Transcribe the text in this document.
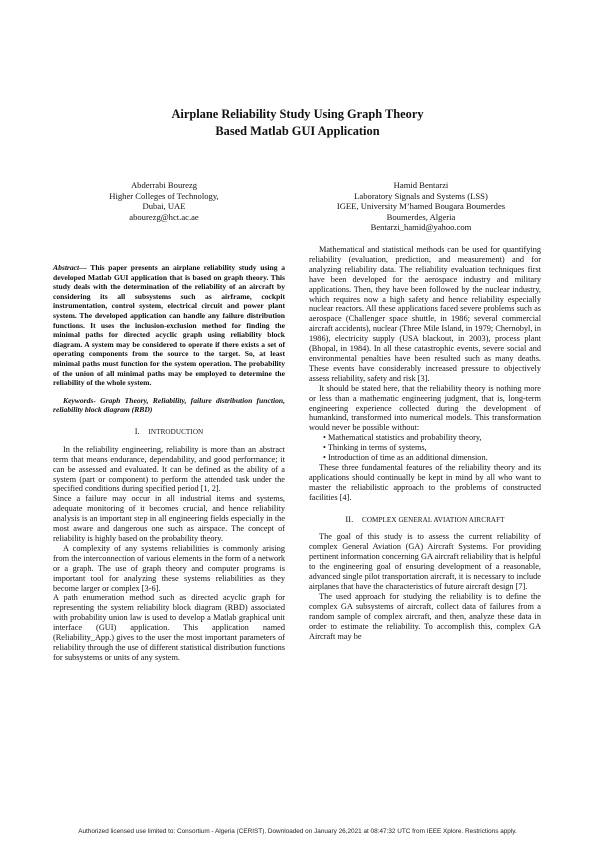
Airplane Reliability Study Using Graph Theory
Based Matlab GUI Application
Abderrabi Bourezg
Higher Colleges of Technology,
Dubai, UAE
abourezg@hct.ac.ae
Hamid Bentarzi
Laboratory Signals and Systems (LSS)
IGEE, University M’hamed Bougara Boumerdes
Boumerdes, Algeria
Bentarzi_hamid@yahoo.com

Abstract— This paper presents an airplane reliability study using a developed Matlab GUI application that is based on graph theory. This study deals with the determination of the reliability of an aircraft by considering its all subsystems such as airframe, cockpit instrumentation, control system, electrical circuit and power plant system. The developed application can handle any failure distribution functions. It uses the inclusion-exclusion method for finding the minimal paths for directed acyclic graph using reliability block diagram. A system may be considered to operate if there exists a set of operating components from the source to the target. So, at least minimal paths must function for the system operation. The probability of the union of all minimal paths may be employed to determine the reliability of the whole system.

Keywords- Graph Theory, Reliability, failure distribution function, reliability block diagram (RBD)

I. INTRODUCTION

In the reliability engineering, reliability is more than an abstract term that means endurance, dependability, and good performance; it can be assessed and evaluated. It can be defined as the ability of a system (part or component) to perform the attended task under the specified conditions during specified period [1, 2].

Since a failure may occur in all industrial items and systems, adequate monitoring of it becomes crucial, and hence reliability analysis is an important step in all engineering fields especially in the most aware and dangerous one such as airspace. The concept of reliability is highly based on the probability theory.

A complexity of any systems reliabilities is commonly arising from the interconnection of various elements in the form of a network or a graph. The use of graph theory and computer programs is important tool for analyzing these systems reliabilities as they become larger or complex [3-6].

A path enumeration method such as directed acyclic graph for representing the system reliability block diagram (RBD) associated with probability union law is used to develop a Matlab graphical unit interface (GUI) application. This application named (Reliability_App.) gives to the user the most important parameters of reliability through the use of different statistical distribution functions for subsystems or units of any system.

Mathematical and statistical methods can be used for quantifying reliability (evaluation, prediction, and measurement) and for analyzing reliability data. The reliability evaluation techniques first have been developed for the aerospace industry and military applications. Then, they have been followed by the nuclear industry, which requires now a high safety and hence reliability especially nuclear reactors. All these applications faced severe problems such as aerospace (Challenger space shuttle, in 1986; several commercial aircraft accidents), nuclear (Three Mile Island, in 1979; Chernobyl, in 1986), electricity supply (USA blackout, in 2003), process plant (Bhopal, in 1984). In all these catastrophic events, severe social and environmental penalties have been resulted such as many deaths. These events have considerably increased pressure to objectively assess reliability, safety and risk [3].

It should be stated here, that the reliability theory is nothing more or less than a mathematic engineering judgment, that is, long-term engineering experience collected during the development of humankind, transformed into numerical models. This transformation would never be possible without:

• Mathematical statistics and probability theory,
• Thinking in terms of systems,
• Introduction of time as an additional dimension.

These three fundamental features of the reliability theory and its applications should continually be kept in mind by all who want to master the reliabilistic approach to the problems of constructed facilities [4].

II. COMPLEX GENERAL AVIATION AIRCRAFT

The goal of this study is to assess the current reliability of complex General Aviation (GA) Aircraft Systems. For providing pertinent information concerning GA aircraft reliability that is helpful to the engineering goal of ensuring development of a reasonable, advanced single pilot transportation aircraft, it is necessary to include airplanes that have the characteristics of future aircraft design [7].

The used approach for studying the reliability is to define the complex GA subsystems of aircraft, collect data of failures from a random sample of complex aircraft, and then, analyze these data in order to estimate the reliability. To accomplish this, complex GA Aircraft may be

Authorized licensed use limited to: Consortium - Algeria (CERIST). Downloaded on January 26,2021 at 08:47:32 UTC from IEEE Xplore. Restrictions apply.
